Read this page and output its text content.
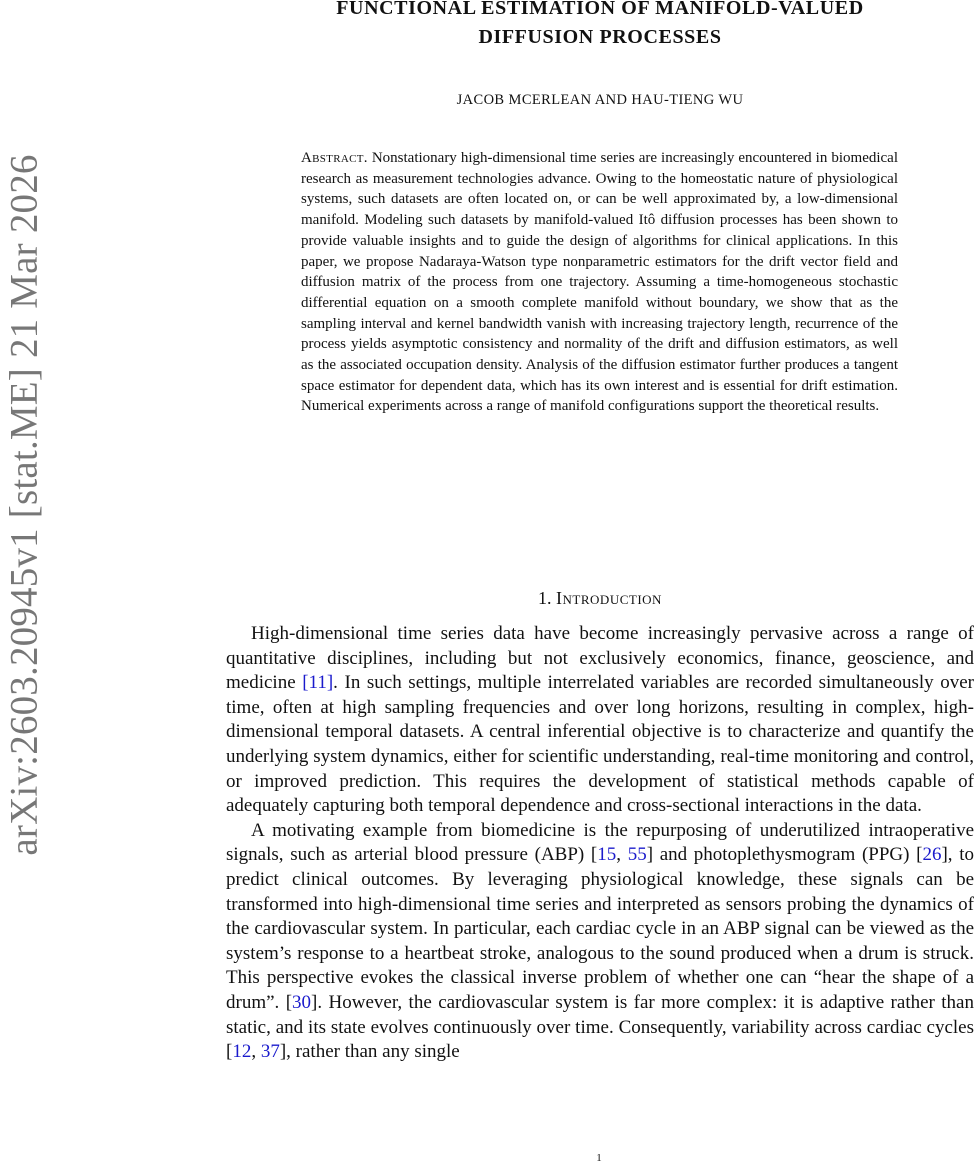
arXiv:2603.20945v1 [stat.ME] 21 Mar 2026
FUNCTIONAL ESTIMATION OF MANIFOLD-VALUED
DIFFUSION PROCESSES
JACOB MCERLEAN AND HAU-TIENG WU

Abstract. Nonstationary high-dimensional time series are increasingly encountered in biomedical research as measurement technologies advance. Owing to the homeostatic nature of physiological systems, such datasets are often located on, or can be well approximated by, a low-dimensional manifold. Modeling such datasets by manifold-valued Itô diffusion processes has been shown to provide valuable insights and to guide the design of algorithms for clinical applications. In this paper, we propose Nadaraya-Watson type nonparametric estimators for the drift vector field and diffusion matrix of the process from one trajectory. Assuming a time-homogeneous stochastic differential equation on a smooth complete manifold without boundary, we show that as the sampling interval and kernel bandwidth vanish with increasing trajectory length, recurrence of the process yields asymptotic consistency and normality of the drift and diffusion estimators, as well as the associated occupation density. Analysis of the diffusion estimator further produces a tangent space estimator for dependent data, which has its own interest and is essential for drift estimation. Numerical experiments across a range of manifold configurations support the theoretical results.

1. Introduction

High-dimensional time series data have become increasingly pervasive across a range of quantitative disciplines, including but not exclusively economics, finance, geoscience, and medicine [11]. In such settings, multiple interrelated variables are recorded simultaneously over time, often at high sampling frequencies and over long horizons, resulting in complex, high-dimensional temporal datasets. A central inferential objective is to characterize and quantify the underlying system dynamics, either for scientific understanding, real-time monitoring and control, or improved prediction. This requires the development of statistical methods capable of adequately capturing both temporal dependence and cross-sectional interactions in the data.

A motivating example from biomedicine is the repurposing of underutilized intraoperative signals, such as arterial blood pressure (ABP) [15, 55] and photoplethysmogram (PPG) [26], to predict clinical outcomes. By leveraging physiological knowledge, these signals can be transformed into high-dimensional time series and interpreted as sensors probing the dynamics of the cardiovascular system. In particular, each cardiac cycle in an ABP signal can be viewed as the system’s response to a heartbeat stroke, analogous to the sound produced when a drum is struck. This perspective evokes the classical inverse problem of whether one can “hear the shape of a drum”. [30]. However, the cardiovascular system is far more complex: it is adaptive rather than static, and its state evolves continuously over time. Consequently, variability across cardiac cycles [12, 37], rather than any single

1
